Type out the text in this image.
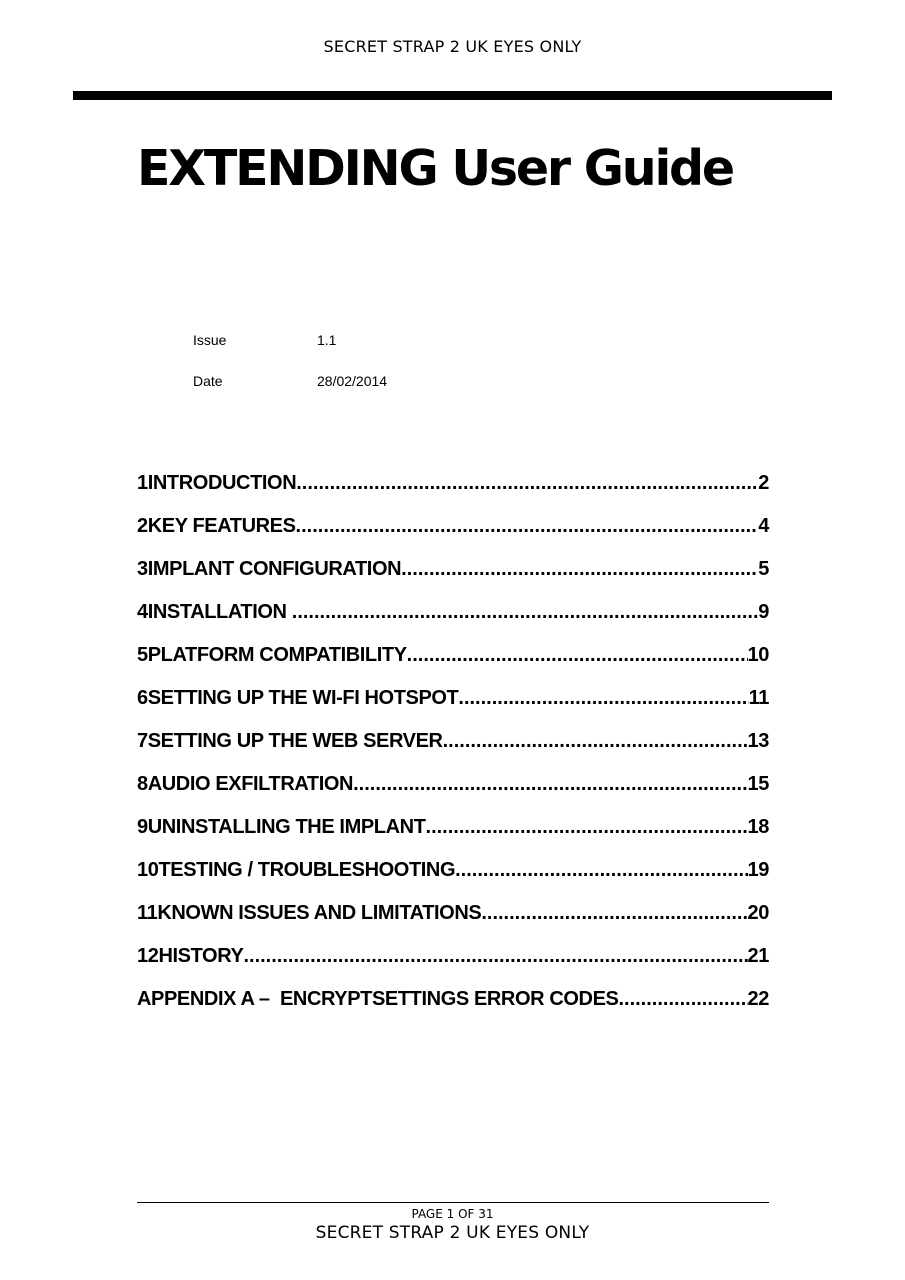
SECRET STRAP 2 UK EYES ONLY
EXTENDING User Guide
Issue	1.1
Date	28/02/2014
1INTRODUCTION .....	2
2KEY FEATURES .....	4
3IMPLANT CONFIGURATION .....	5
4INSTALLATION .....	9
5PLATFORM COMPATIBILITY .....	10
6SETTING UP THE WI-FI HOTSPOT .....	11
7SETTING UP THE WEB SERVER .....	13
8AUDIO EXFILTRATION .....	15
9UNINSTALLING THE IMPLANT .....	18
10TESTING / TROUBLESHOOTING .....	19
11KNOWN ISSUES AND LIMITATIONS .....	20
12HISTORY .....	21
APPENDIX A –  ENCRYPTSETTINGS ERROR CODES .....	22
PAGE 1 OF 31
SECRET STRAP 2 UK EYES ONLY
